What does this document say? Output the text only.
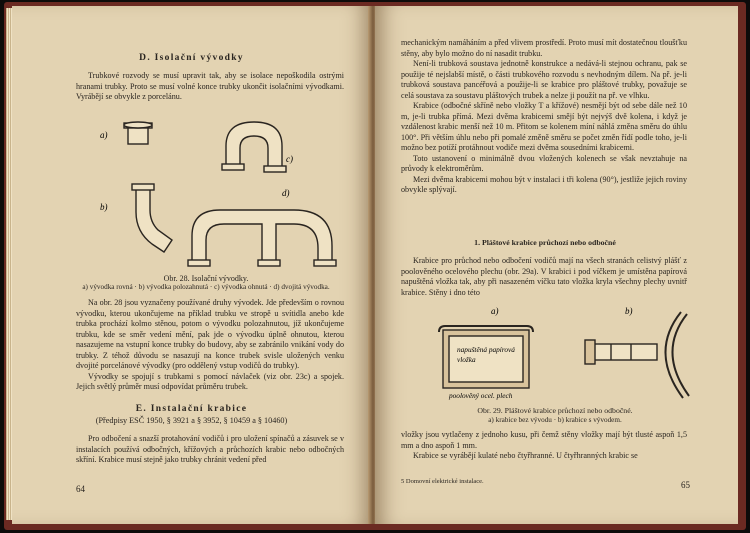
D. Isolační vývodky

Trubkové rozvody se musí upravit tak, aby se isolace nepoškodila ostrými hranami trubky. Proto se musí volné konce trubky ukončit isolačními vývodkami. Vyrábějí se obvykle z porcelánu.

a)
b)
c)
d)
Obr. 28. Isolační vývodky.
a) vývodka rovná · b) vývodka polozahnutá · c) vývodka ohnutá · d) dvojitá vývodka.

Na obr. 28 jsou vyznačeny používané druhy vývodek. Jde především o rovnou vývodku, kterou ukončujeme na příklad trubku ve stropě u svítidla anebo kde trubka prochází kolmo stěnou, potom o vývodku polozahnutou, jíž ukončujeme trubku, kde se směr vedení mění, pak jde o vývodku úplně ohnutou, kterou nasazujeme na vstupní konce trubky do budovy, aby se zabránilo vnikání vody do trubky. Z téhož důvodu se nasazují na konce trubek svisle uložených venku dvojité porcelánové vývodky (pro oddělený vstup vodičů do trubky).

Vývodky se spojují s trubkami s pomocí návlaček (viz obr. 23c) a spojek. Jejich světlý průměr musí odpovídat průměru trubek.

E. Instalační krabice
(Předpisy ESČ 1950, § 3921 a § 3952, § 10459 a § 10460)

Pro odbočení a snazší protahování vodičů i pro uložení spínačů a zásuvek se v instalacích používá odbočných, křížových a průchozích krabic nebo odbočných skříní. Krabice musí stejně jako trubky chránit vedení před

64

mechanickým namáháním a před vlivem prostředí. Proto musí mít dostatečnou tloušťku stěny, aby bylo možno do ní nasadit trubku.

Není-li trubková soustava jednotně konstrukce a nedává-li stejnou ochranu, pak se použije té nejslabší místě, o části trubkového rozvodu s nevhodným dílem. Na př. je-li trubková soustava pancéřová a použije-li se krabice pro pláštové trubky, považuje se celá soustava za soustavu pláštových trubek a nelze ji použít na př. ve vlhku.

Krabice (odbočné skříně nebo vložky T a křížové) nesmějí být od sebe dále než 10 m, je-li trubka přímá. Mezi dvěma krabicemi smějí být nejvýš dvě kolena, i když je vzdálenost krabic menší než 10 m. Přitom se kolenem míní náhlá změna směru do úhlu 100°. Při větším úhlu nebo při pomalé změně směru se počet změn řídí podle toho, je-li možno bez potíží protáhnout vodiče mezi dvěma sousedními krabicemi.

Toto ustanovení o minimálně dvou vložených kolenech se však nevztahuje na průvody k elektroměrům.

Mezi dvěma krabicemi mohou být v instalaci i tři kolena (90°), jestliže jejich roviny obvykle splývají.

1. Pláštové krabice průchozí nebo odbočné

Krabice pro průchod nebo odbočení vodičů mají na všech stranách celistvý plášť z poolověného ocelového plechu (obr. 29a). V krabici i pod víčkem je umístěna papírová napuštěná vložka tak, aby při nasazeném víčku tato vložka kryla všechny plechy uvnitř krabice. Stěny i dno této

napuštěná papírová
vložka
poolověný ocel. plech
a)	b)
Obr. 29. Pláštové krabice průchozí nebo odbočné.
a) krabice bez vývodu · b) krabice s vývodem.

vložky jsou vytlačeny z jednoho kusu, při čemž stěny vložky mají být tlusté aspoň 1,5 mm a dno aspoň 1 mm.

Krabice se vyrábějí kulaté nebo čtyřhranné. U čtyřhranných krabic se

5 Domovní elektrické instalace.	65
